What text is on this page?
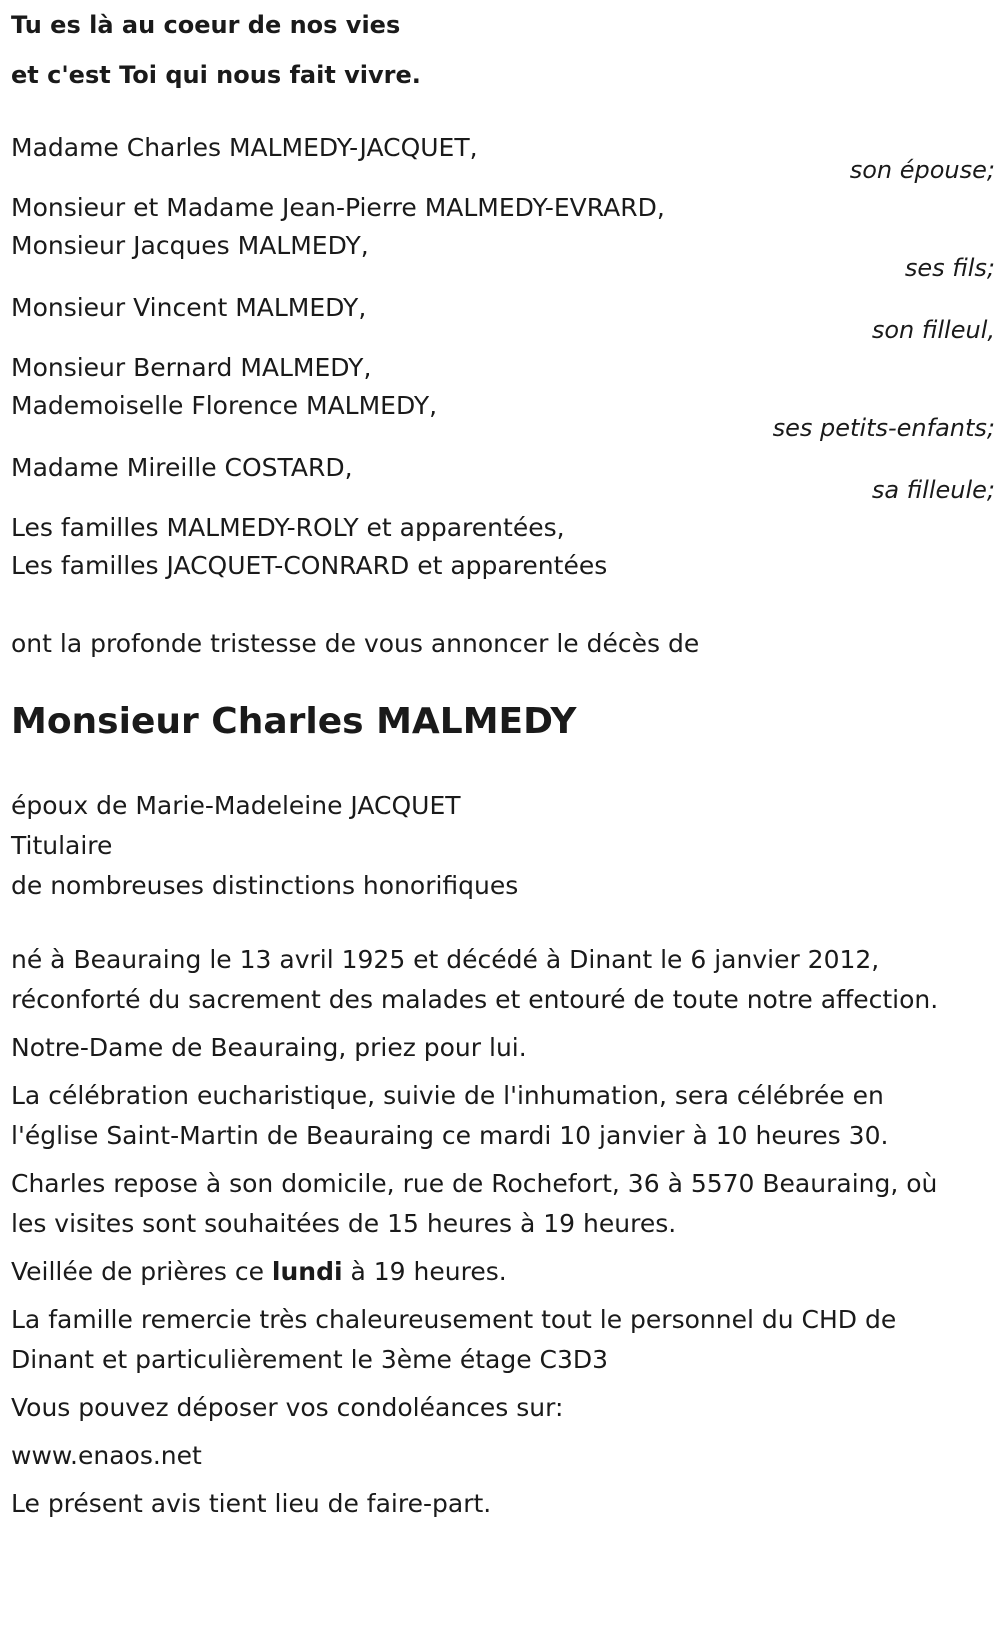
Tu es là au coeur de nos vies

et c'est Toi qui nous fait vivre.

Madame Charles MALMEDY-JACQUET,

son épouse;

Monsieur et Madame Jean-Pierre MALMEDY-EVRARD,

Monsieur Jacques MALMEDY,

ses fils;

Monsieur Vincent MALMEDY,

son filleul,

Monsieur Bernard MALMEDY,

Mademoiselle Florence MALMEDY,

ses petits-enfants;

Madame Mireille COSTARD,

sa filleule;

Les familles MALMEDY-ROLY et apparentées,

Les familles JACQUET-CONRARD et apparentées

ont la profonde tristesse de vous annoncer le décès de

Monsieur Charles MALMEDY

époux de Marie-Madeleine JACQUET

Titulaire

de nombreuses distinctions honorifiques

né à Beauraing le 13 avril 1925 et décédé à Dinant le 6 janvier 2012, réconforté du sacrement des malades et entouré de toute notre affection.

Notre-Dame de Beauraing, priez pour lui.

La célébration eucharistique, suivie de l'inhumation, sera célébrée en l'église Saint-Martin de Beauraing ce mardi 10 janvier à 10 heures 30.

Charles repose à son domicile, rue de Rochefort, 36 à 5570 Beauraing, où les visites sont souhaitées de 15 heures à 19 heures.

Veillée de prières ce lundi à 19 heures.

La famille remercie très chaleureusement tout le personnel du CHD de Dinant et particulièrement le 3ème étage C3D3

Vous pouvez déposer vos condoléances sur:

www.enaos.net

Le présent avis tient lieu de faire-part.
